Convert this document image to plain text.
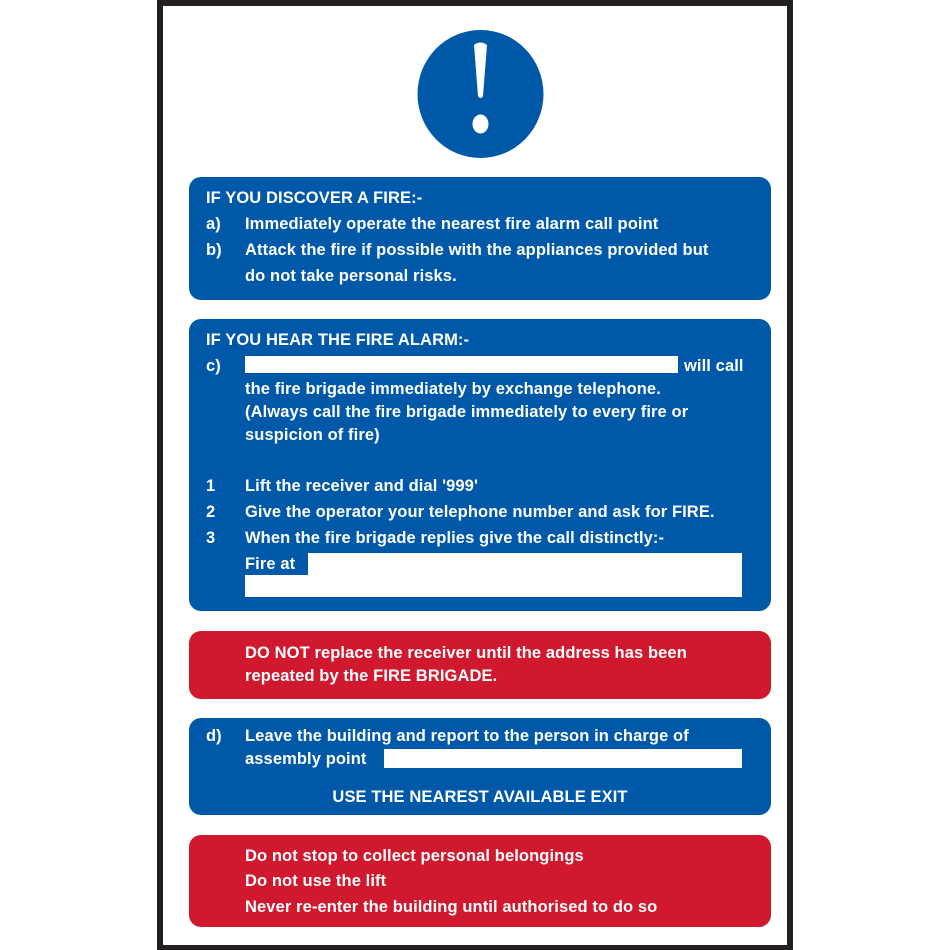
IF YOU DISCOVER A FIRE:-
a) Immediately operate the nearest fire alarm call point
b) Attack the fire if possible with the appliances provided but
do not take personal risks.
IF YOU HEAR THE FIRE ALARM:-
c)	will call
the fire brigade immediately by exchange telephone.
(Always call the fire brigade immediately to every fire or
suspicion of fire)
1 Lift the receiver and dial '999'
2 Give the operator your telephone number and ask for FIRE.
3 When the fire brigade replies give the call distinctly:-
Fire at
DO NOT replace the receiver until the address has been
repeated by the FIRE BRIGADE.
d) Leave the building and report to the person in charge of
assembly point
USE THE NEAREST AVAILABLE EXIT
Do not stop to collect personal belongings
Do not use the lift
Never re-enter the building until authorised to do so
